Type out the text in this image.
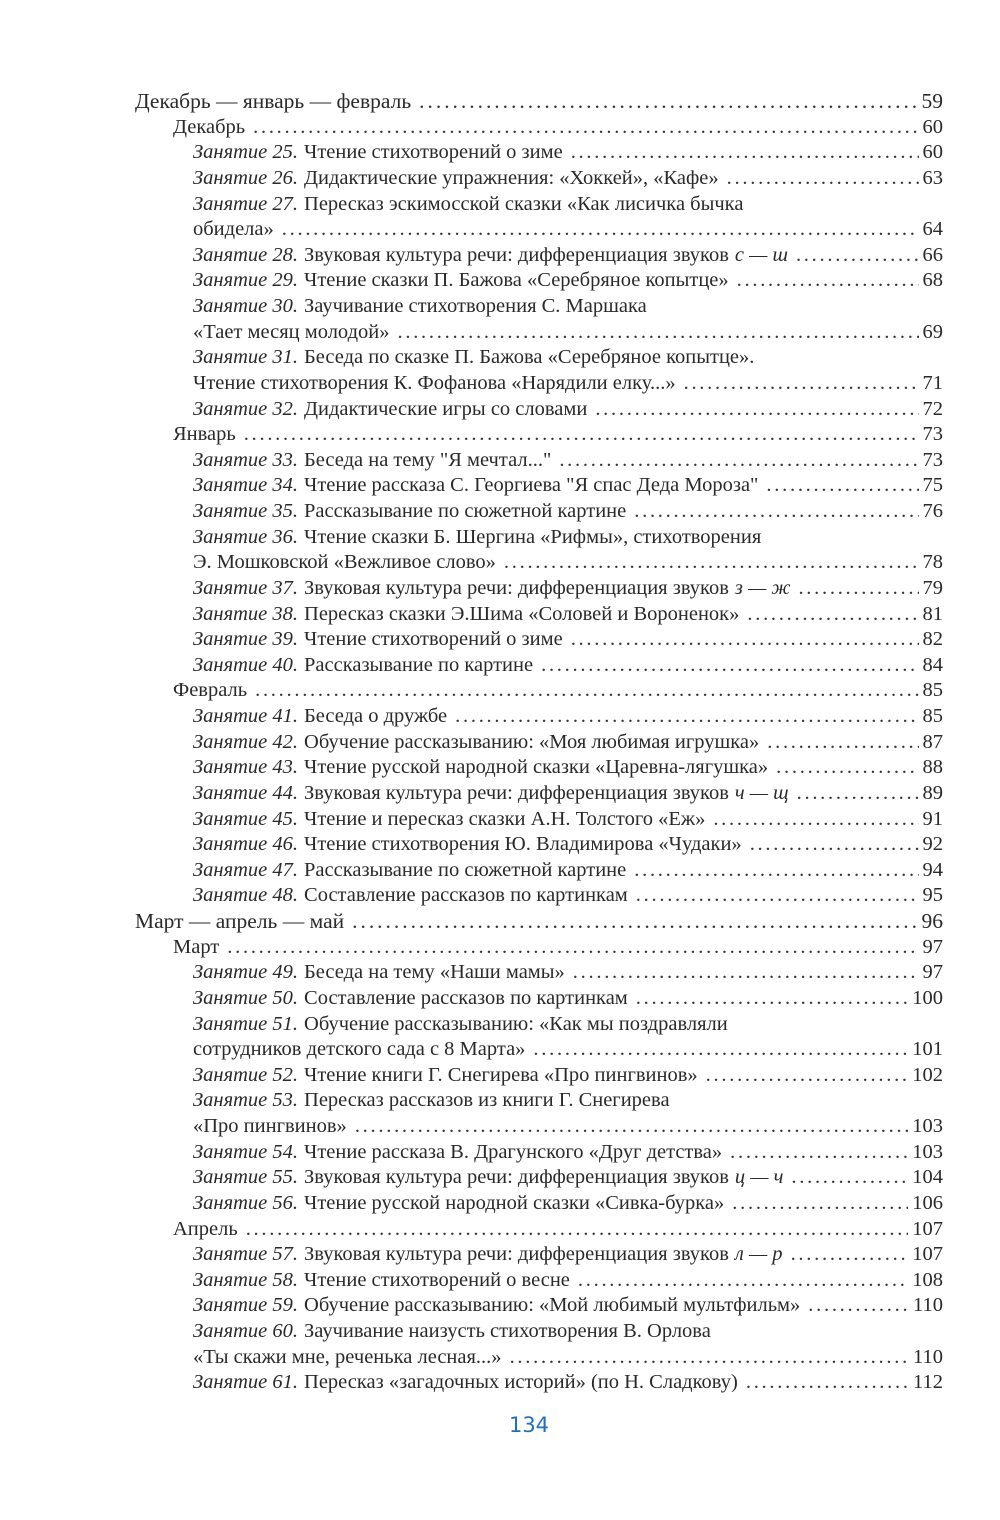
Декабрь — январь — февраль . . .	59
Декабрь . . .	60
Занятие 25. Чтение стихотворений о зиме . . .	60
Занятие 26. Дидактические упражнения: «Хоккей», «Кафе» . . .	63
Занятие 27. Пересказ эскимосской сказки «Как лисичка бычка
обидела» . . .	64
Занятие 28. Звуковая культура речи: дифференциация звуков с — ш . . .	66
Занятие 29. Чтение сказки П. Бажова «Серебряное копытце» . . .	68
Занятие 30. Заучивание стихотворения С. Маршака
«Тает месяц молодой» . . .	69
Занятие 31. Беседа по сказке П. Бажова «Серебряное копытце».
Чтение стихотворения К. Фофанова «Нарядили елку...» . . .	71
Занятие 32. Дидактические игры со словами . . .	72
Январь . . .	73
Занятие 33. Беседа на тему "Я мечтал..." . . .	73
Занятие 34. Чтение рассказа С. Георгиева "Я спас Деда Мороза" . . .	75
Занятие 35. Рассказывание по сюжетной картине . . .	76
Занятие 36. Чтение сказки Б. Шергина «Рифмы», стихотворения
Э. Мошковской «Вежливое слово» . . .	78
Занятие 37. Звуковая культура речи: дифференциация звуков з — ж . . .	79
Занятие 38. Пересказ сказки Э.Шима «Соловей и Вороненок» . . .	81
Занятие 39. Чтение стихотворений о зиме . . .	82
Занятие 40. Рассказывание по картине . . .	84
Февраль . . .	85
Занятие 41. Беседа о дружбе . . .	85
Занятие 42. Обучение рассказыванию: «Моя любимая игрушка» . . .	87
Занятие 43. Чтение русской народной сказки «Царевна-лягушка» . . .	88
Занятие 44. Звуковая культура речи: дифференциация звуков ч — щ . . .	89
Занятие 45. Чтение и пересказ сказки А.Н. Толстого «Еж» . . .	91
Занятие 46. Чтение стихотворения Ю. Владимирова «Чудаки» . . .	92
Занятие 47. Рассказывание по сюжетной картине . . .	94
Занятие 48. Составление рассказов по картинкам . . .	95
Март — апрель — май . . .	96
Март . . .	97
Занятие 49. Беседа на тему «Наши мамы» . . .	97
Занятие 50. Составление рассказов по картинкам . . .	100
Занятие 51. Обучение рассказыванию: «Как мы поздравляли
сотрудников детского сада с 8 Марта» . . .	101
Занятие 52. Чтение книги Г. Снегирева «Про пингвинов» . . .	102
Занятие 53. Пересказ рассказов из книги Г. Снегирева
«Про пингвинов» . . .	103
Занятие 54. Чтение рассказа В. Драгунского «Друг детства» . . .	103
Занятие 55. Звуковая культура речи: дифференциация звуков ц — ч . . .	104
Занятие 56. Чтение русской народной сказки «Сивка-бурка» . . .	106
Апрель . . .	107
Занятие 57. Звуковая культура речи: дифференциация звуков л — р . . .	107
Занятие 58. Чтение стихотворений о весне . . .	108
Занятие 59. Обучение рассказыванию: «Мой любимый мультфильм» . . .	110
Занятие 60. Заучивание наизусть стихотворения В. Орлова
«Ты скажи мне, реченька лесная...» . . .	110
Занятие 61. Пересказ «загадочных историй» (по Н. Сладкову) . . .	112
134
